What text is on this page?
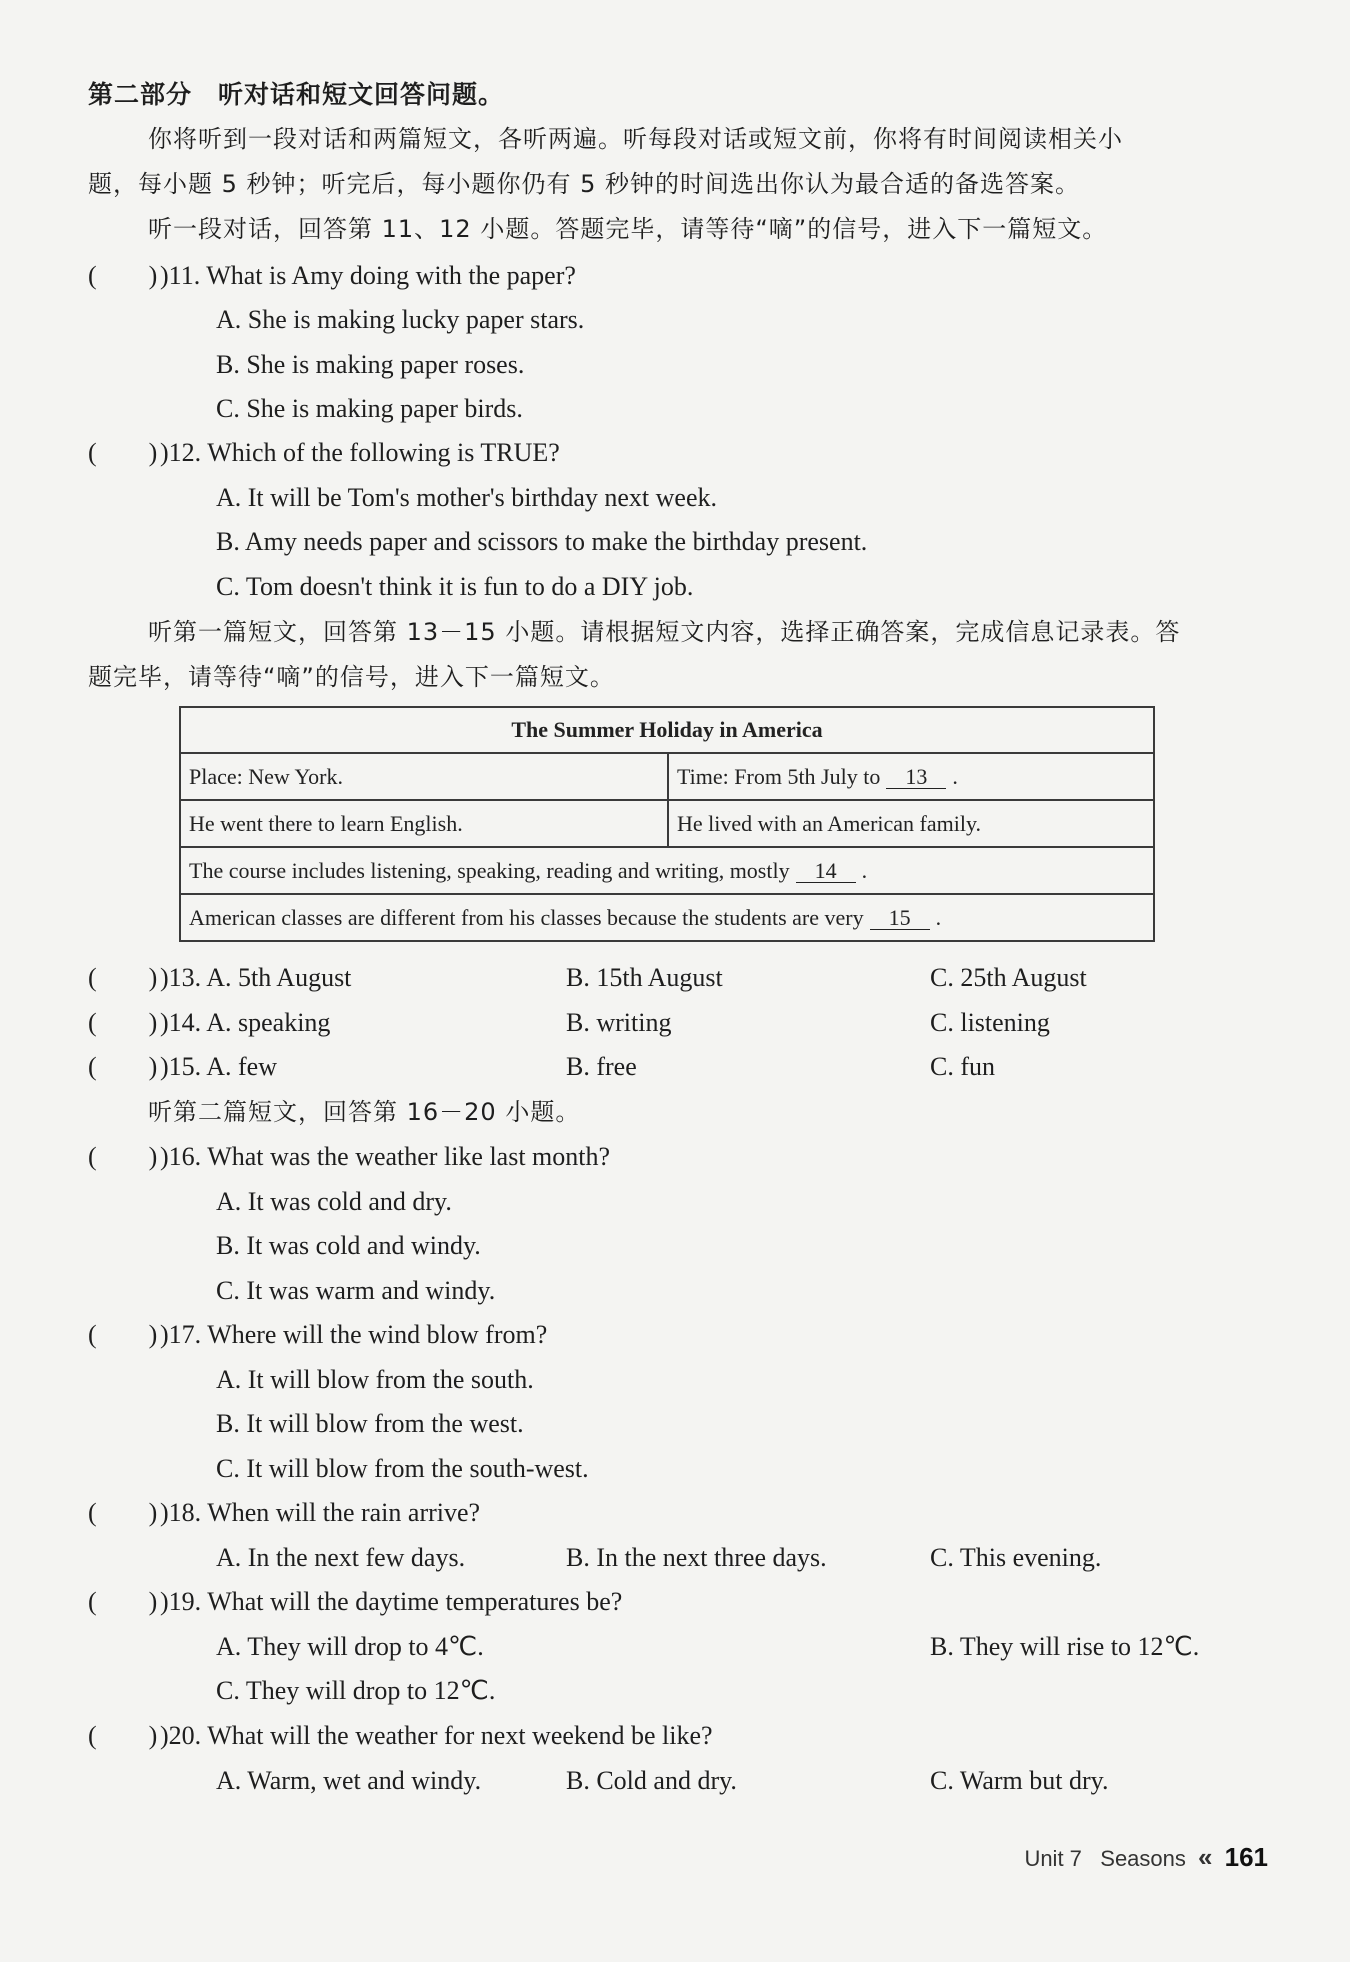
第二部分　听对话和短文回答问题。
你将听到一段对话和两篇短文，各听两遍。听每段对话或短文前，你将有时间阅读相关小
题，每小题 5 秒钟；听完后，每小题你仍有 5 秒钟的时间选出你认为最合适的备选答案。
听一段对话，回答第 11、12 小题。答题完毕，请等待“嘀”的信号，进入下一篇短文。
(　　) )11. What is Amy doing with the paper?
A. She is making lucky paper stars.
B. She is making paper roses.
C. She is making paper birds.
(　　) )12. Which of the following is TRUE?
A. It will be Tom's mother's birthday next week.
B. Amy needs paper and scissors to make the birthday present.
C. Tom doesn't think it is fun to do a DIY job.
听第一篇短文，回答第 13－15 小题。请根据短文内容，选择正确答案，完成信息记录表。答
题完毕，请等待“嘀”的信号，进入下一篇短文。
The Summer Holiday in America	
Place: New York.	Time: From 5th July to 13 .
He went there to learn English.	He lived with an American family.
The course includes listening, speaking, reading and writing, mostly 14 .	
American classes are different from his classes because the students are very 15 .	
(　　) )13. A. 5th August	B. 15th August	C. 25th August
(　　) )14. A. speaking	B. writing	C. listening
(　　) )15. A. few	B. free	C. fun
听第二篇短文，回答第 16－20 小题。
(　　) )16. What was the weather like last month?
A. It was cold and dry.
B. It was cold and windy.
C. It was warm and windy.
(　　) )17. Where will the wind blow from?
A. It will blow from the south.
B. It will blow from the west.
C. It will blow from the south-west.
(　　) )18. When will the rain arrive?
A. In the next few days.	B. In the next three days.	C. This evening.
(　　) )19. What will the daytime temperatures be?
A. They will drop to 4℃.	B. They will rise to 12℃.
C. They will drop to 12℃.
(　　) )20. What will the weather for next weekend be like?
A. Warm, wet and windy.	B. Cold and dry.	C. Warm but dry.
Unit 7 Seasons « 161
